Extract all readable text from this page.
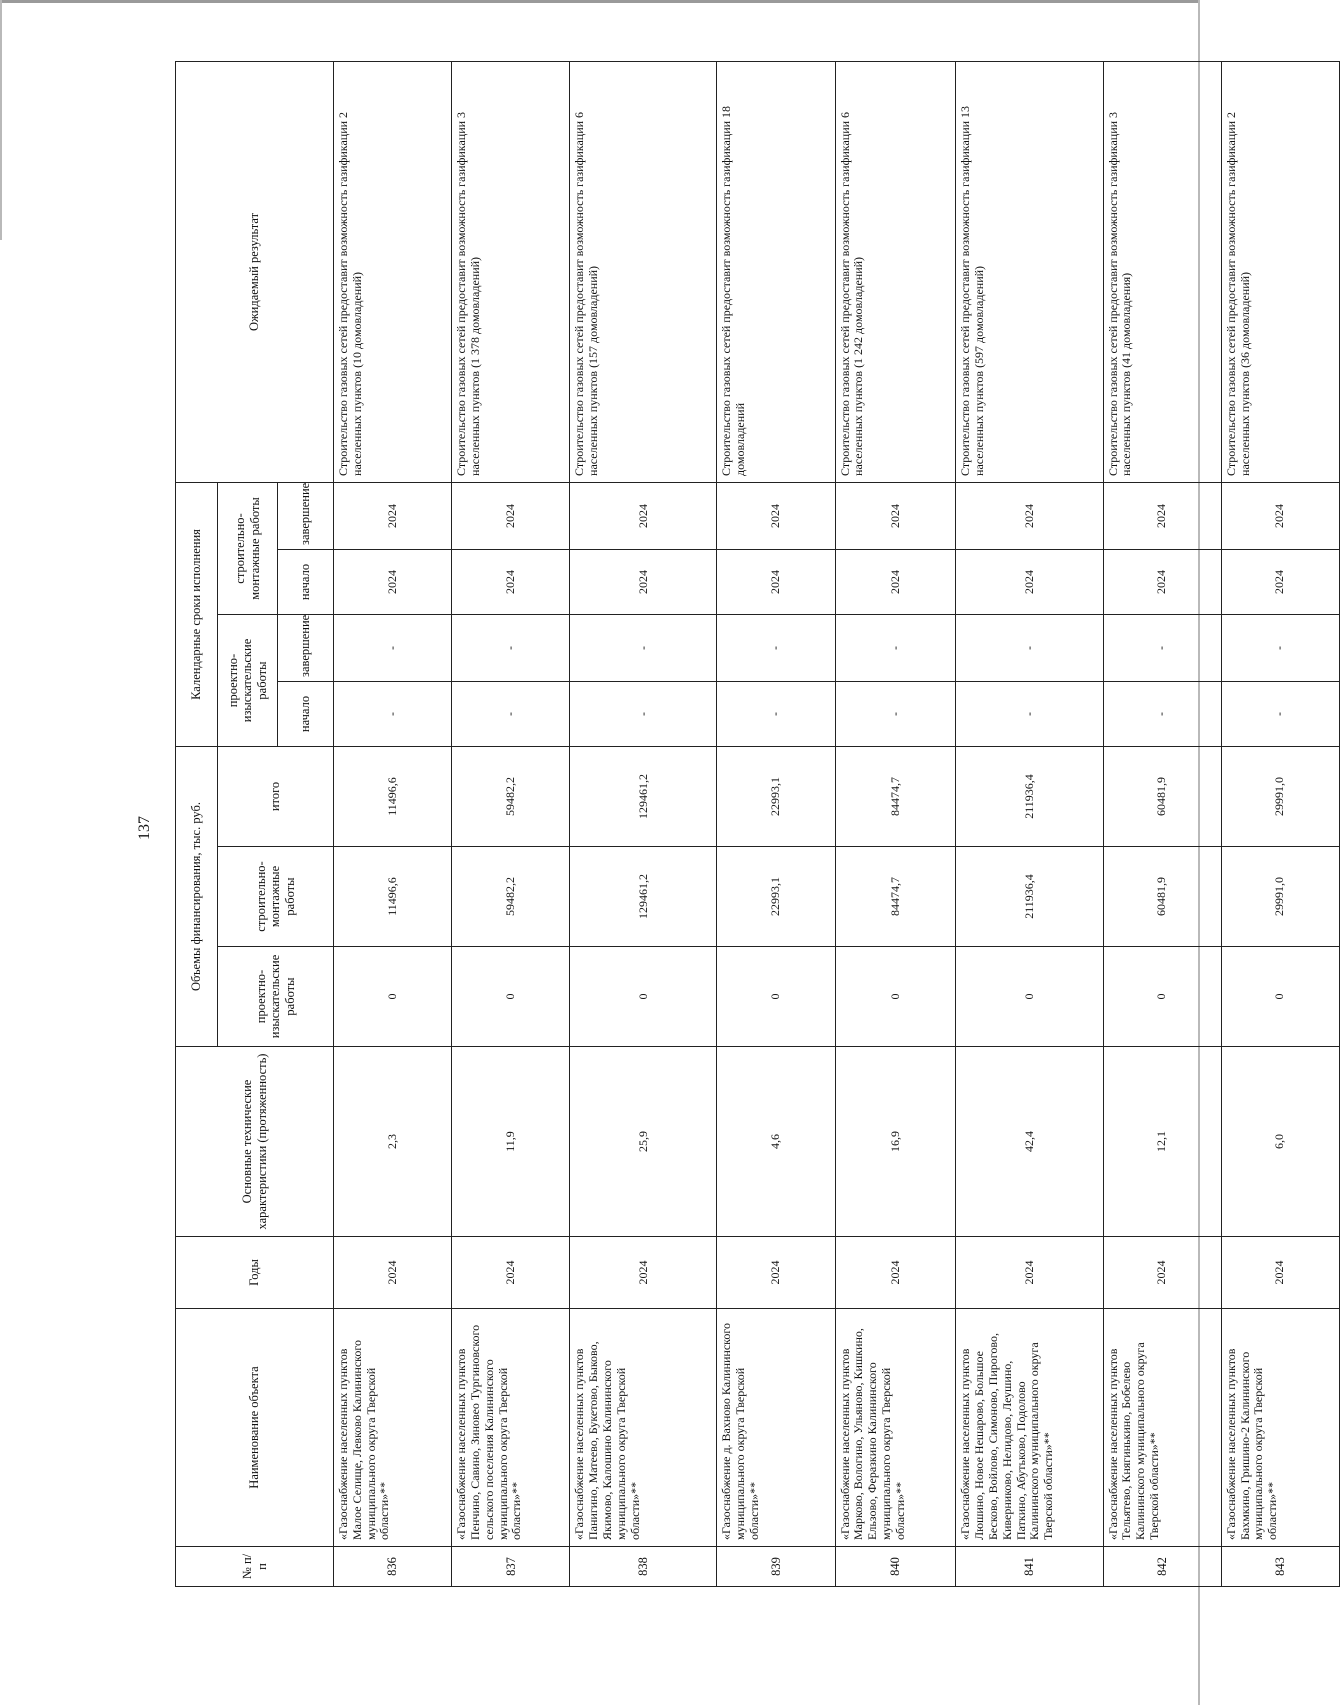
137
№ п/п	Наименование объекта	Годы	Основные технические характеристики (протяженность)	Объемы финансирования, тыс. руб.			Календарные сроки исполнения				Ожидаемый результат
				проектно-изыскательские работы	строительно-монтажные работы	итого	проектно-изыскательские работы		строительно-монтажные работы		
							начало	завершение	начало	завершение	
836	«Газоснабжение населенных пунктов Малое Селище, Левково Калининского муниципального округа Тверской области»**	2024	2,3	0	11496,6	11496,6	-	-	2024	2024	Строительство газовых сетей предоставит возможность газификации 2 населенных пунктов (10 домовладений)
837	«Газоснабжение населенных пунктов Пенчино, Савино, Зиновео Тургиновского сельского поселения Калининского муниципального округа Тверской области»**	2024	11,9	0	59482,2	59482,2	-	-	2024	2024	Строительство газовых сетей предоставит возможность газификации 3 населенных пунктов (1 378 домовладений)
838	«Газоснабжение населенных пунктов Панигино, Матеево, Букетово, Быково, Якимово, Калошино Калининского муниципального округа Тверской области»**	2024	25,9	0	129461,2	129461,2	-	-	2024	2024	Строительство газовых сетей предоставит возможность газификации 6 населенных пунктов (157 домовладений)
839	«Газоснабжение д. Вахново Калининского муниципального округа Тверской области»**	2024	4,6	0	22993,1	22993,1	-	-	2024	2024	Строительство газовых сетей предоставит возможность газификации 18 домовладений
840	«Газоснабжение населенных пунктов Марково, Вологино, Ульяново, Кишкино, Ельзово, Феразкино Калининского муниципального округа Тверской области»**	2024	16,9	0	84474,7	84474,7	-	-	2024	2024	Строительство газовых сетей предоставит возможность газификации 6 населенных пунктов (1 242 домовладений)
841	«Газоснабжение населенных пунктов Люшино, Новое Нешарово, Большое Бесково, Войлово, Симоново, Пирогово, Киверниково, Нелидово, Леушино, Паткино, Абутьково, Подолово Калининского муниципального округа Тверской области»**	2024	42,4	0	211936,4	211936,4	-	-	2024	2024	Строительство газовых сетей предоставит возможность газификации 13 населенных пунктов (597 домовладений)
842	«Газоснабжение населенных пунктов Тельятево, Княгинькино, Бобелево Калининского муниципального округа Тверской области»**	2024	12,1	0	60481,9	60481,9	-	-	2024	2024	Строительство газовых сетей предоставит возможность газификации 3 населенных пунктов (41 домовладения)
843	«Газоснабжение населенных пунктов Бахмкино, Гришино-2 Калининского муниципального округа Тверской области»**	2024	6,0	0	29991,0	29991,0	-	-	2024	2024	Строительство газовых сетей предоставит возможность газификации 2 населенных пунктов (36 домовладений)
